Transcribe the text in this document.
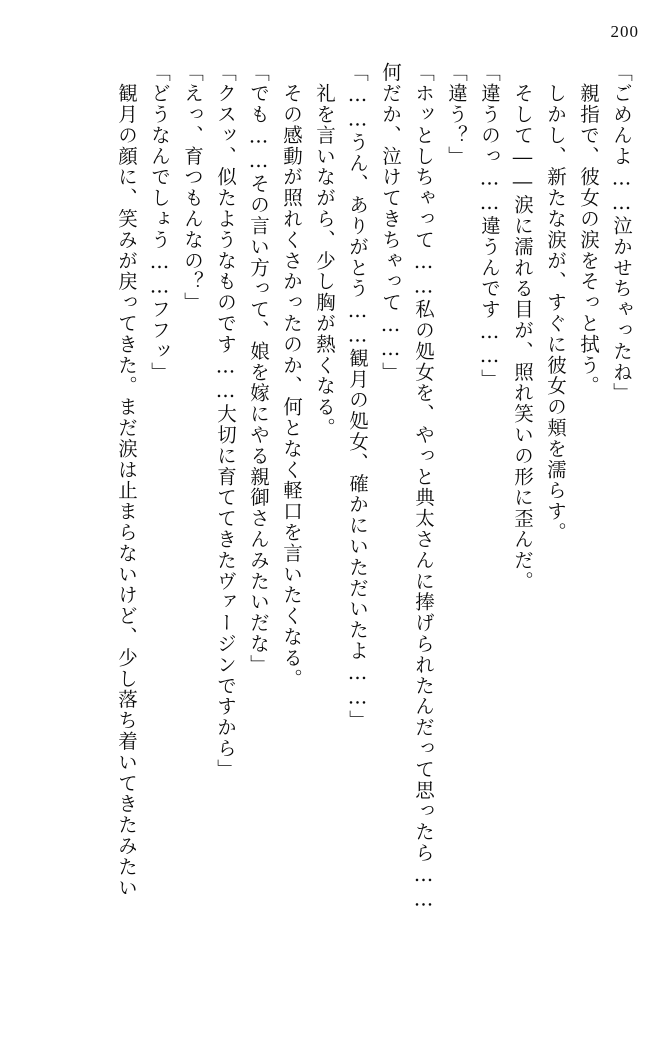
200
「ごめんよ……泣かせちゃったね」
　親指で、彼女の涙をそっと拭う。
　しかし、新たな涙が、すぐに彼女の頬を濡らす。
　そして――涙に濡れる目が、照れ笑いの形に歪んだ。
「違うのっ……違うんです……」
「違う？」
「ホッとしちゃって……私の処女を、やっと典太さんに捧げられたんだって思ったら……
何だか、泣けてきちゃって……」
「……うん、ありがとう……観月の処女、確かにいただいたよ……」
　礼を言いながら、少し胸が熱くなる。
　その感動が照れくさかったのか、何となく軽口を言いたくなる。
「でも……その言い方って、娘を嫁にやる親御さんみたいだな」
「クスッ、似たようなものです……大切に育ててきたヴァージンですから」
「えっ、育つもんなの？」
「どうなんでしょう……フフッ」
　観月の顔に、笑みが戻ってきた。まだ涙は止まらないけど、少し落ち着いてきたみたい
